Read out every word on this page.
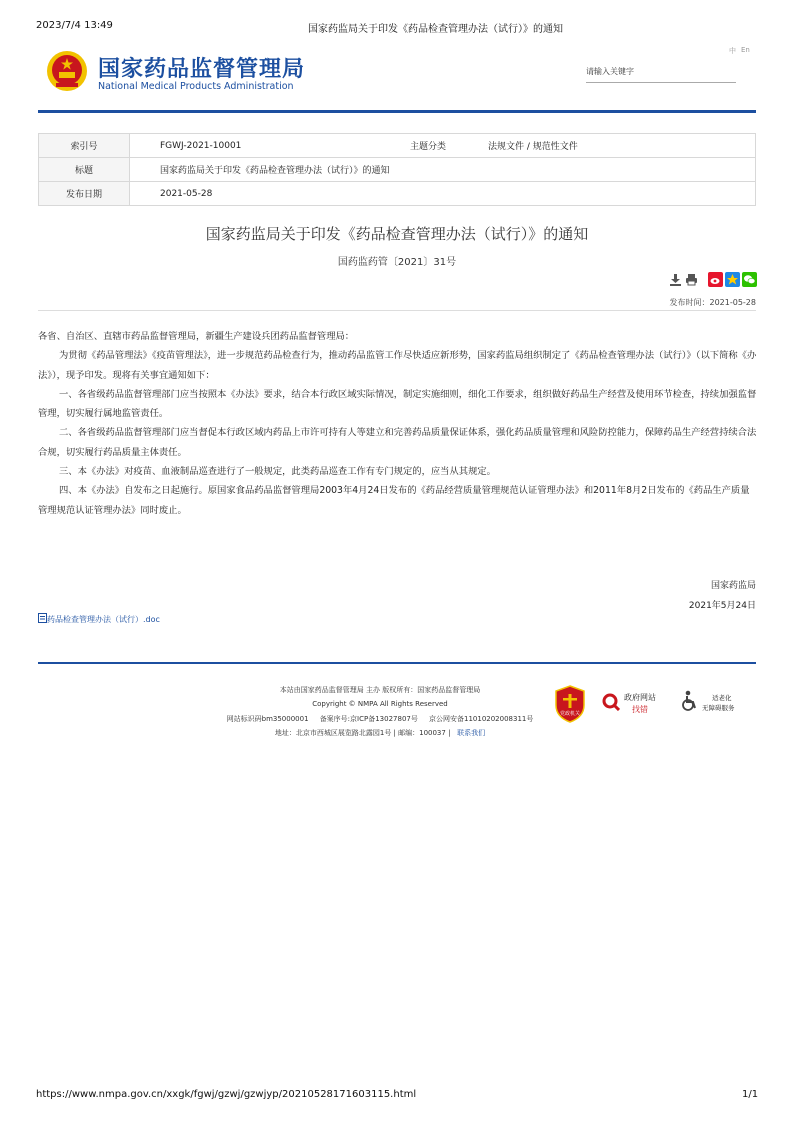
2023/7/4 13:49	国家药监局关于印发《药品检查管理办法（试行）》的通知
国家药品监督管理局
National Medical Products Administration
中 En
请输入关键字
索引号	FGWJ-2021-10001	主题分类	法规文件 / 规范性文件
标题	国家药监局关于印发《药品检查管理办法（试行）》的通知		
发布日期	2021-05-28		
国家药监局关于印发《药品检查管理办法（试行）》的通知
国药监药管〔2021〕31号
发布时间：2021-05-28

各省、自治区、直辖市药品监督管理局，新疆生产建设兵团药品监督管理局：

为贯彻《药品管理法》《疫苗管理法》，进一步规范药品检查行为，推动药品监管工作尽快适应新形势，国家药监局组织制定了《药品检查管理办法（试行）》（以下简称《办法》），现予印发。现将有关事宜通知如下：

一、各省级药品监督管理部门应当按照本《办法》要求，结合本行政区域实际情况，制定实施细则，细化工作要求，组织做好药品生产经营及使用环节检查，持续加强监督管理，切实履行属地监管责任。

二、各省级药品监督管理部门应当督促本行政区域内药品上市许可持有人等建立和完善药品质量保证体系，强化药品质量管理和风险防控能力，保障药品生产经营持续合法合规，切实履行药品质量主体责任。

三、本《办法》对疫苗、血液制品巡查进行了一般规定，此类药品巡查工作有专门规定的，应当从其规定。

四、本《办法》自发布之日起施行。原国家食品药品监督管理局2003年4月24日发布的《药品经营质量管理规范认证管理办法》和2011年8月2日发布的《药品生产质量管理规范认证管理办法》同时废止。

国家药监局
2021年5月24日
药品检查管理办法（试行）.doc
本站由国家药品监督管理局 主办 版权所有：国家药品监督管理局
Copyright © NMPA All Rights Reserved
网站标识码bm35000001 备案序号:京ICP备13027807号 京公网安备11010202008311号
地址：北京市西城区展览路北露园1号 | 邮编：100037 | 联系我们
党政机关
政府网站
找错
适老化
无障碍服务
https://www.nmpa.gov.cn/xxgk/fgwj/gzwj/gzwjyp/20210528171603115.html	1/1
